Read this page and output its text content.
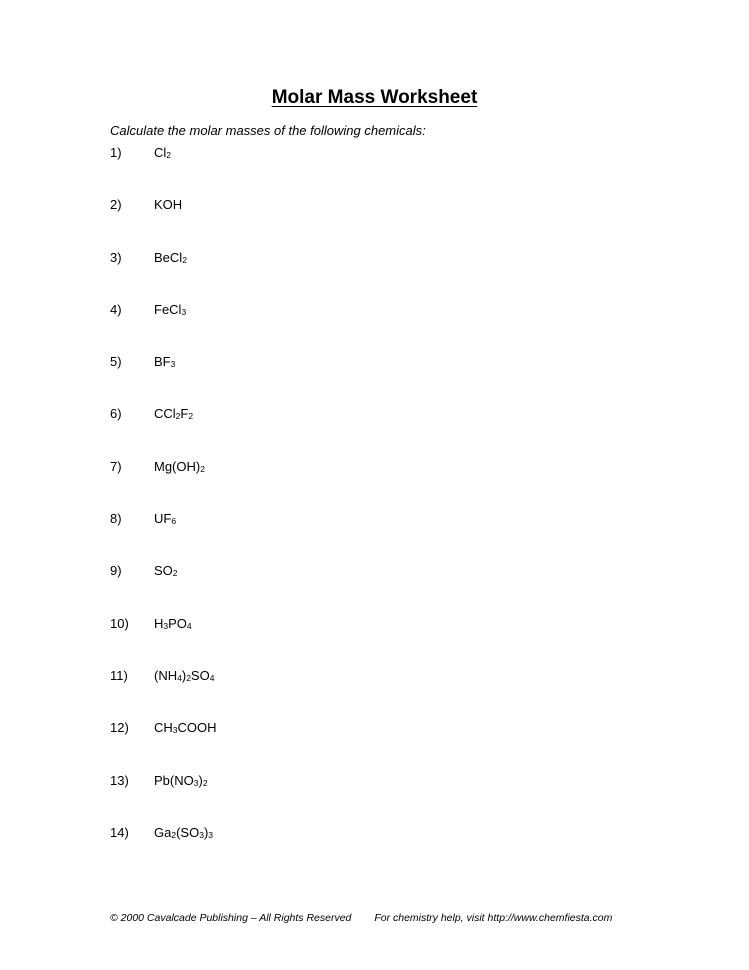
Molar Mass Worksheet

Calculate the molar masses of the following chemicals:

1)	Cl2
2)	KOH
3)	BeCl2
4)	FeCl3
5)	BF3
6)	CCl2F2
7)	Mg(OH)2
8)	UF6
9)	SO2
10)	H3PO4
11)	(NH4)2SO4
12)	CH3COOH
13)	Pb(NO3)2
14)	Ga2(SO3)3
© 2000 Cavalcade Publishing – All Rights Reserved For chemistry help, visit http://www.chemfiesta.com
